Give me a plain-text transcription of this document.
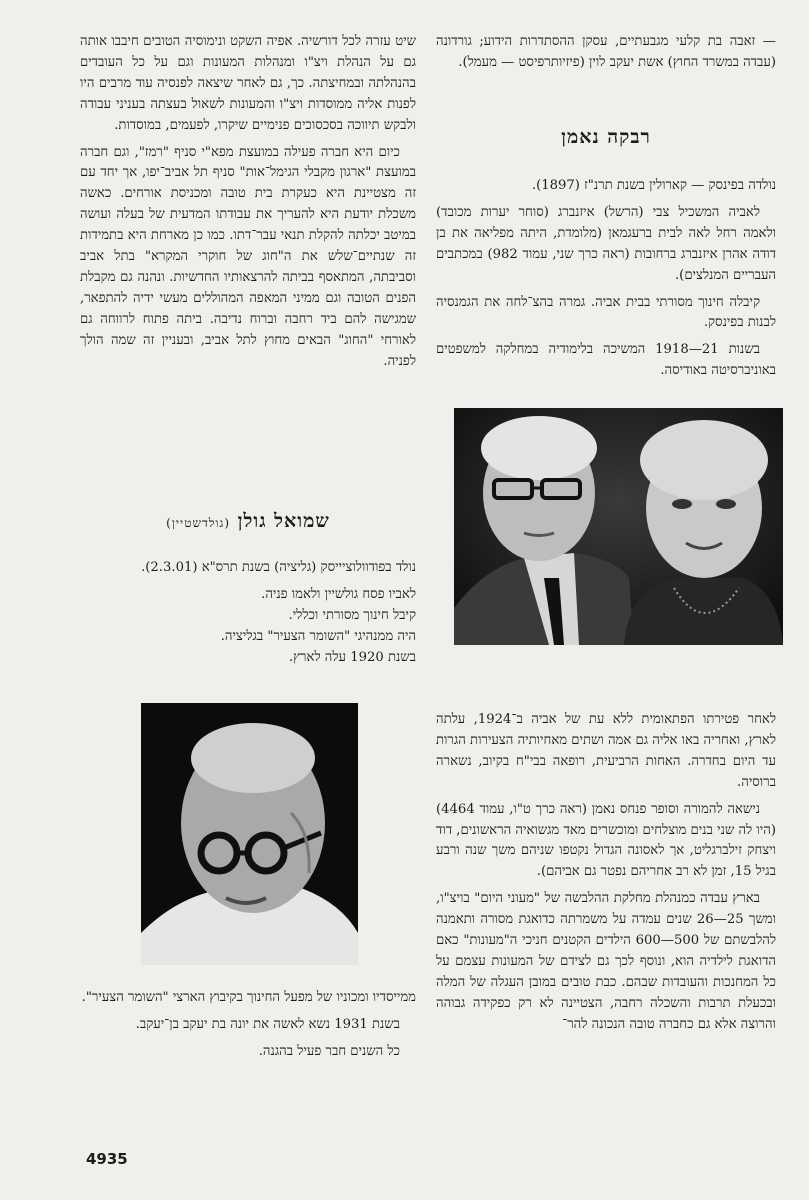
— זאבה בת קלעי מגבעתיים, עסקן ההסתדרות הידוע; גורדונה (עבדה במשרד החוץ) אשת יעקב לוין (פיזיותרפיסט — מעמל).

רבקה נאמן

נולדה בפינסק — קארולין בשנת תרנ"ז (1897).

לאביה המשכיל צבי (הרשל) איזנברג (סוחר יערות מכובד) ולאמה רחל לאה לבית ברעגמאן (מלומדת, היתה מפליאה את בן דודה אהרן איזנברג ברחובות (ראה כרך שני, עמוד 982) במכתבים העבריים המנלצים).

קיבלה חינוך מסורתי בבית אביה. גמרה בהצ־לחה את הגמנסיה לבנות בפינסק.

בשנות 21—1918 המשיכה בלימודיה במחלקה למשפטים באוניברסיטה באודיסה.

לאחר פטירתו הפתאומית ללא עת של אביה ב־1924, עלתה לארץ, ואחריה באו אליה גם אמה ושתים מאחיותיה הצעירות הגרות עד היום בחדרה. האחות הרביעית, רופאה בבי"ח בקיוב, נשארה ברוסיה.

נישאה להמורה וסופר פנחס נאמן (ראה כרך ט"ו, עמוד 4464) (היו לה שני בנים מוצלחים ומוכשרים מאד מגשואיה הראשונים, דוד ויצחק זילברגליט, אך לאסונה הגדול נקטפו שניהם משך שנה ורבע בגיל 15, זמן לא רב אחריהם נפטר גם אביהם).

בארץ עבדה כמנהלת מחלקת ההלבשה של "מעוני היום" בויצ"ו, ומשך 25—26 שנים עמדה על משמרתה כדואגת מסורה ותאמנה להלבשתם של 500—600 הילדים הקטנים חניכי ה"מעונות" כאם הדואגת לילדיה הוא, ונוסף לכך גם לצידם של המעונות עצמם על כל המחנכות והעובדות שבהם. כבת טובים במובן העגלה של המלה ובכעלת תרבות והשכלה רחבה, הצטיינה לא רק כפקידה גבוהה והרוצה אלא גם כחברה טובה הנכונה להר־

שיט עזרה לכל דורשיה. אפיה השקט ונימוסיה הטובים חיבבו אותה גם על הנהלת ויצ"ו ומנהלות המעונות וגם על כל העובדים בהנהלתה ובמחיצתה. כך, גם לאחר שיצאה לפנסיה עוד מרבים היו לפנות אליה ממוסדות ויצ"ו והמעונות לשאול בעצתה בעניני עבודה ולבקש תיווכה בסכסוכים פנימיים שיקרו, לפעמים, במוסדות.

כיום היא חברה פעילה במועצת מפא"י סניף "רמז", וגם חברה במועצת "ארגון מקבלי הגימל־אות" סניף תל אביב־יפו, אך יחד עם זה מצטיינת היא כעקרת בית טובה ומכניסת אורחים. כאשה משכלת יודעת היא להעריך את עבודתו המדעית של בעלה ועושה במיטב יכלתה להקלת תנאי עבר־דתו. כמו כן מארחת היא בתמידות זה שנתיים־שלש את ה"חוג של חוקרי המקרא" בתל אביב וסביבתה, המתאסף בביתה להרצאותיו החדשיות. ונהנה גם מקבלת הפנים הטובה וגם ממיני המאפה המהוללים מעשי ידיה להתפאר, שמגישה להם ביד רחבה וברוח נדיבה. ביתה פתוח לרווחה גם לאורחי "החוג" הבאים מחוץ לתל אביב, ובעניין זה שמה הולך לפניה.

שמואל גולן (גולדשטיין)

נולד בפודוולוציייסק (גליציה) בשנת תרס"א (2.3.01).

לאביו פסח גולשיין ולאמו פניה.

קיבל חינוך מסורתי וכללי.

היה ממנהיגי "השומר הצעיר" בגליציה.

בשנת 1920 עלה לארץ.

ממייסדיו ומכוניו של מפעל החינוך בקיבוץ הארצי "השומר הצעיר".

בשנת 1931 נשא לאשה את יונה בת יעקב בן־יעקב.

כל השנים חבר פעיל בהגנה.

4935
